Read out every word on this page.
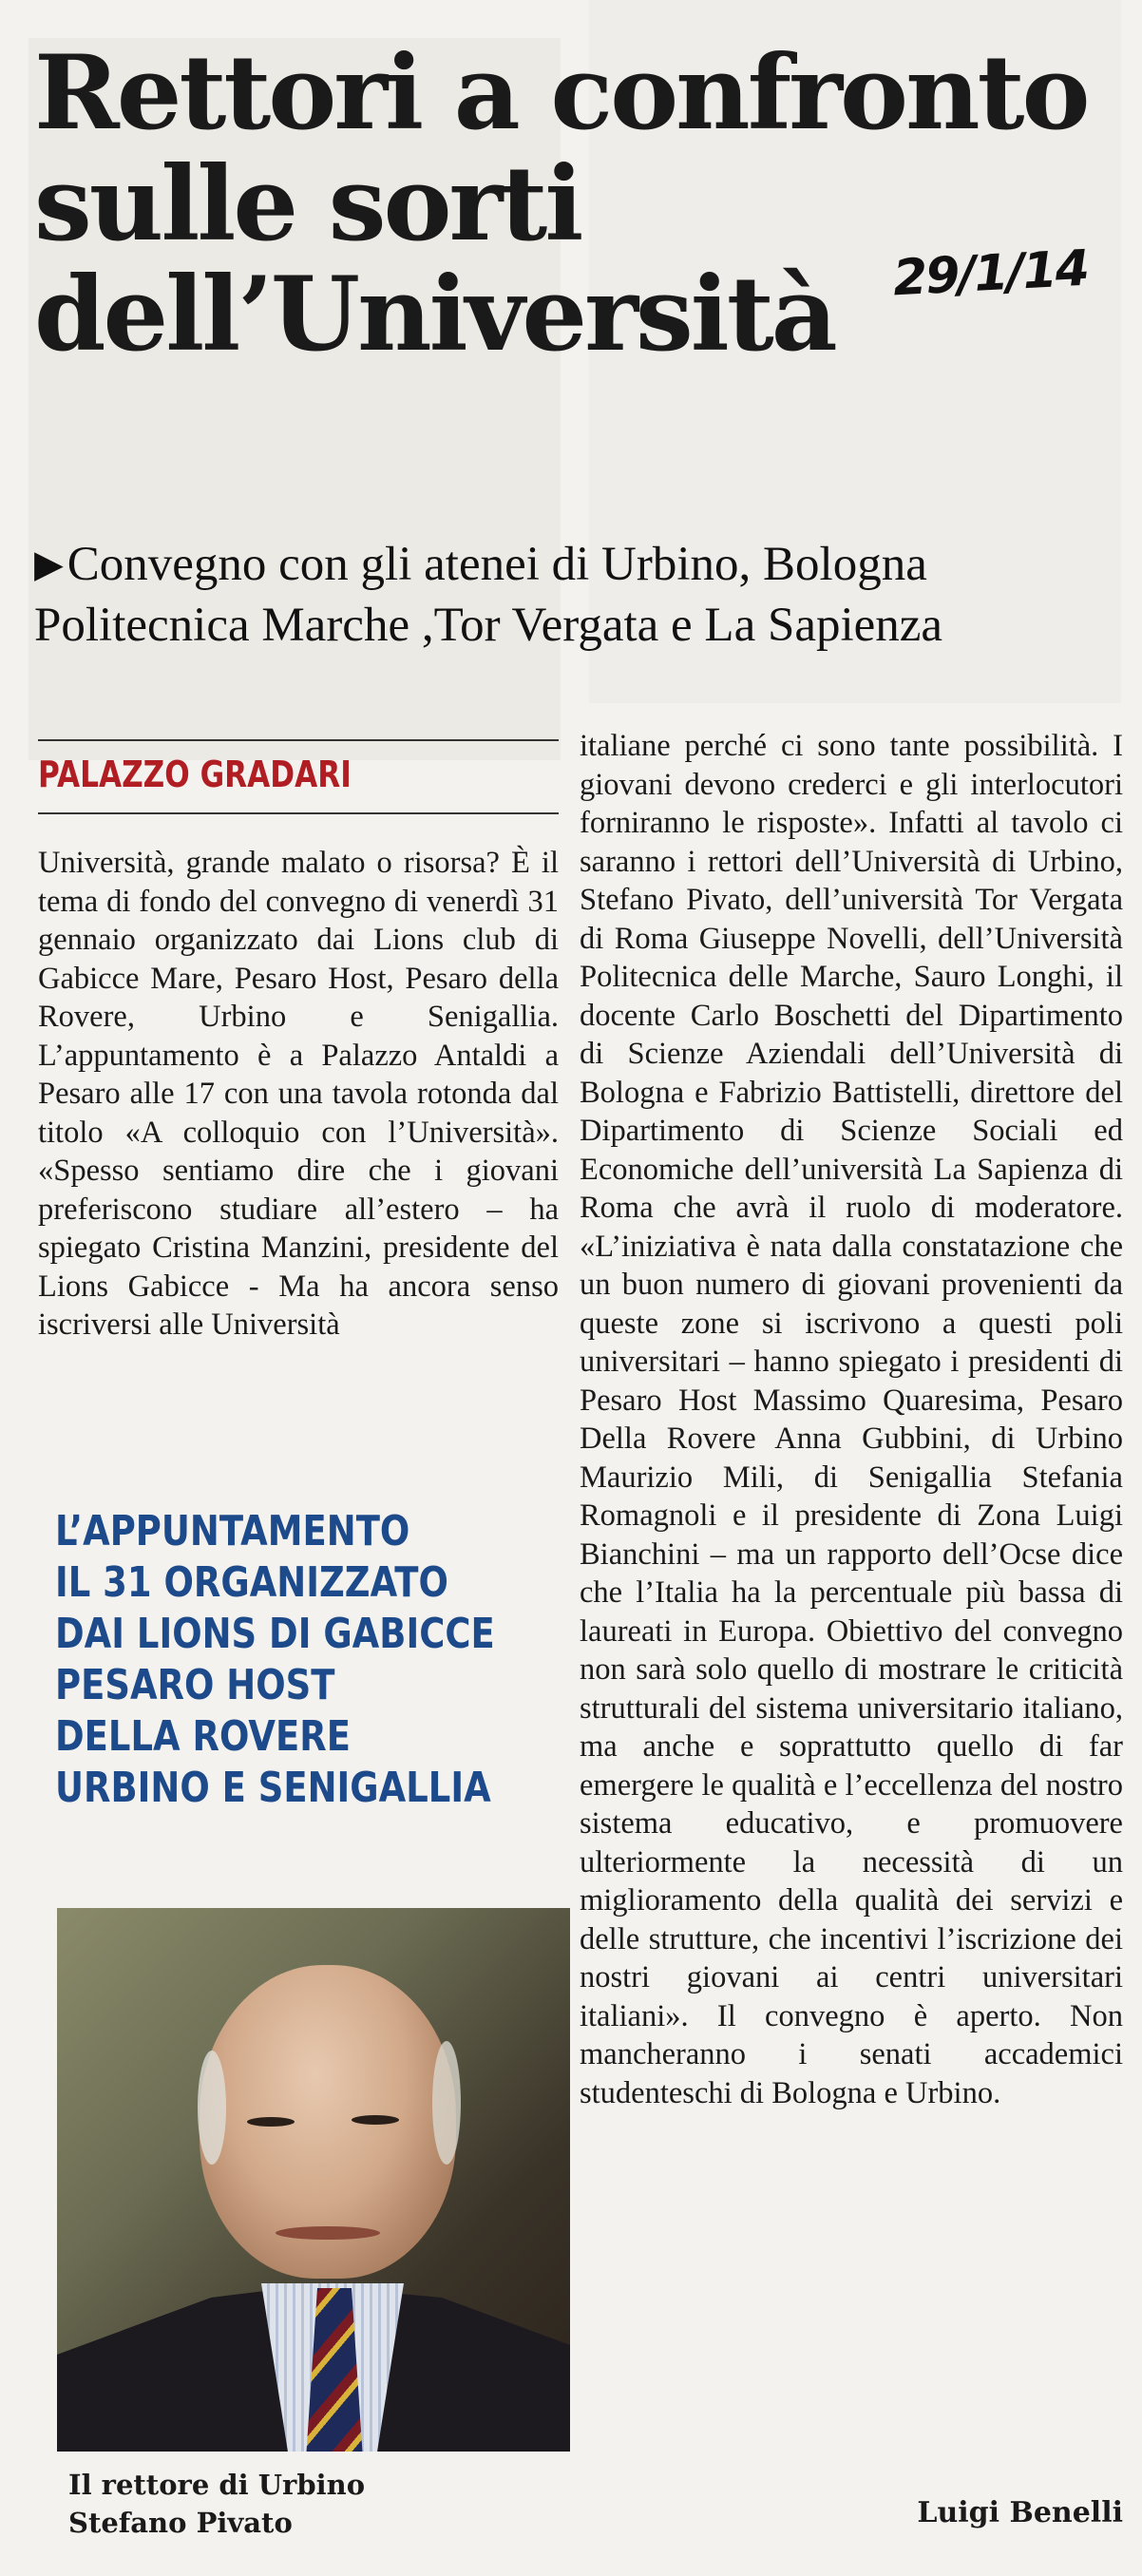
Rettori a confronto
sulle sorti
dell’Università	29/1/14

▶Convegno con gli atenei di Urbino, Bologna
Politecnica Marche ,Tor Vergata e La Sapienza

PALAZZO GRADARI

Università, grande malato o risorsa? È il tema di fondo del convegno di venerdì 31 gennaio organizzato dai Lions club di Gabicce Mare, Pesaro Host, Pesaro della Rovere, Urbino e Senigallia. L’appuntamento è a Palazzo Antaldi a Pesaro alle 17 con una tavola rotonda dal titolo «A colloquio con l’Università». «Spesso sentiamo dire che i giovani preferiscono studiare all’estero – ha spiegato Cristina Manzini, presidente del Lions Gabicce - Ma ha ancora senso iscriversi alle Università

italiane perché ci sono tante possibilità. I giovani devono crederci e gli interlocutori forniranno le risposte». Infatti al tavolo ci saranno i rettori dell’Università di Urbino, Stefano Pivato, dell’università Tor Vergata di Roma Giuseppe Novelli, dell’Università Politecnica delle Marche, Sauro Longhi, il docente Carlo Boschetti del Dipartimento di Scienze Aziendali dell’Università di Bologna e Fabrizio Battistelli, direttore del Dipartimento di Scienze Sociali ed Economiche dell’università La Sapienza di Roma che avrà il ruolo di moderatore. «L’iniziativa è nata dalla constatazione che un buon numero di giovani provenienti da queste zone si iscrivono a questi poli universitari – hanno spiegato i presidenti di Pesaro Host Massimo Quaresima, Pesaro Della Rovere Anna Gubbini, di Urbino Maurizio Mili, di Senigallia Stefania Romagnoli e il presidente di Zona Luigi Bianchini – ma un rapporto dell’Ocse dice che l’Italia ha la percentuale più bassa di laureati in Europa. Obiettivo del convegno non sarà solo quello di mostrare le criticità strutturali del sistema universitario italiano, ma anche e soprattutto quello di far emergere le qualità e l’eccellenza del nostro sistema educativo, e promuovere ulteriormente la necessità di un miglioramento della qualità dei servizi e delle strutture, che incentivi l’iscrizione dei nostri giovani ai centri universitari italiani». Il convegno è aperto. Non mancheranno i senati accademici studenteschi di Bologna e Urbino.

L’APPUNTAMENTO
IL 31 ORGANIZZATO
DAI LIONS DI GABICCE
PESARO HOST
DELLA ROVERE
URBINO E SENIGALLIA

Il rettore di Urbino
Stefano Pivato	Luigi Benelli
